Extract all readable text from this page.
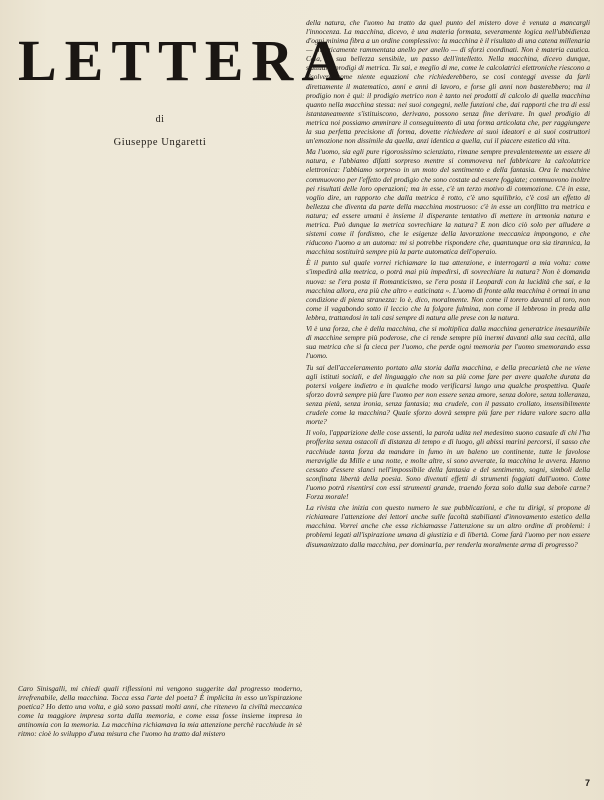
LETTERA
di
Giuseppe Ungaretti
Caro Sinisgalli, mi chiedi quali riflessioni mi vengono suggerite dal progresso moderno, irrefrenabile, della macchina. Tocca essa l'arte del poeta? È implicita in esso un'ispirazione poetica? Ho detto una volta, e già sono passati molti anni, che ritenevo la civiltà meccanica come la maggiore impresa sorta dalla memoria, e come essa fosse insieme impresa in antinomia con la memoria. La macchina richiamava la mia attenzione perchè racchiude in sè ritmo: cioè lo sviluppo d'una misura che l'uomo ha tratto dal mistero

della natura, che l'uomo ha tratto da quel punto del mistero dove è venuta a mancargli l'innocenza. La macchina, dicevo, è una materia formata, severamente logica nell'ubbidienza d'ogni minima fibra a un ordine complessivo: la macchina è il risultato di una catena millenaria — sinteticamente rammentata anello per anello — di sforzi coordinati. Non è materia cautica. Cela, la sua bellezza sensibile, un passo dell'intelletto. Nella macchina, dicevo dunque, s'attuano prodigi di metrica. Tu sai, e meglio di me, come le calcolatrici elettroniche riescono a risolvere come niente equazioni che richiederebbero, se così conteggi avesse da farli direttamente il matematico, anni e anni di lavoro, e forse gli anni non basterebbero; ma il prodigio non è qui: il prodigio metrico non è tanto nei prodotti di calcolo di quella macchina quanto nella macchina stessa: nei suoi congegni, nelle funzioni che, dai rapporti che tra di essi istantaneamente s'istituiscono, derivano, possono senza fine derivare. In quel prodigio di metrica noi possiamo ammirare il conseguimento di una forma articolata che, per raggiungere la sua perfetta precisione di forma, dovette richiedere ai suoi ideatori e ai suoi costruttori un'emozione non dissimile da quella, anzi identica a quella, cui il piacere estetico dà vita.

Ma l'uomo, sia egli pure rigorosissimo scienziato, rimane sempre prevalentemente un essere di natura, e l'abbiamo difatti sorpreso mentre si commoveva nel fabbricare la calcolatrice elettronica: l'abbiamo sorpreso in un moto del sentimento e della fantasia. Ora le macchine commuovono per l'effetto del prodigio che sono costate ad essere foggiate; commuovono inoltre pei risultati delle loro operazioni; ma in esse, c'è un terzo motivo di commozione. C'è in esse, voglio dire, un rapporto che dalla metrica è rotto, c'è uno squilibrio, c'è così un effetto di bellezza che diventa da parte della macchina mostruoso: c'è in esse un conflitto tra metrica e natura; ed essere umani è insieme il disperante tentativo di mettere in armonia natura e metrica. Può dunque la metrica sovrechiare la natura? E non dico ciò solo per alludere a sistemi come il fordismo, che le esigenze della lavorazione meccanica impongono, e che riducono l'uomo a un automa: mi si potrebbe rispondere che, quantunque ora sia tirannica, la macchina sostituirà sempre più la parte automatica dell'operaio.

È il punto sul quale vorrei richiamare la tua attenzione, e interrogarti a mia volta: come s'impedirà alla metrica, o potrà mai più impedirsi, di sovrechiare la natura? Non è domanda nuova: se l'era posta il Romanticismo, se l'era posta il Leopardi con la lucidità che sai, e la macchina allora, era più che altro « eaticinata ». L'uomo di fronte alla macchina è ormai in una condizione di piena stranezza: lo è, dico, moralmente. Non come il torero davanti al toro, non come il vagabondo sotto il leccio che la folgore fulmina, non come il lebbroso in preda alla lebbra, trattandosi in tali casi sempre di natura alle prese con la natura.

Vi è una forza, che è della macchina, che si moltiplica dalla macchina generatrice inesauribile di macchine sempre più poderose, che ci rende sempre più inermi davanti alla sua cecità, alla sua metrica che si fa cieca per l'uomo, che perde ogni memoria per l'uomo smemorando essa l'uomo.

Tu sai dell'acceleramento portato alla storia dalla macchina, e della precarietà che ne viene agli istituti sociali, e del linguaggio che non sa più come fare per avere qualche durata da potersi volgere indietro e in qualche modo verificarsi lungo una qualche prospettiva. Quale sforzo dovrà sempre più fare l'uomo per non essere senza amore, senza dolore, senza tolleranza, senza pietà, senza ironia, senza fantasia; ma crudele, con il passato crollato, insensibilmente crudele come la macchina? Quale sforzo dovrà sempre più fare per ridare valore sacro alla morte?

Il volo, l'apparizione delle cose assenti, la parola udita nel medesimo suono casuale di chi l'ha profferita senza ostacoli di distanza di tempo e di luogo, gli abissi marini percorsi, il sasso che racchiude tanta forza da mandare in fumo in un baleno un continente, tutte le favolose meraviglie da Mille e una notte, e molte altre, si sono avverate, la macchina le avvera. Hanno cessato d'essere slanci nell'impossibile della fantasia e del sentimento, sogni, simboli della sconfinata libertà della poesia. Sono divenuti effetti di strumenti foggiati dall'uomo. Come l'uomo potrà risentirsi con essi strumenti grande, traendo forza solo dalla sua debole carne? Forza morale!

La rivista che inizia con questo numero le sue pubblicazioni, e che tu dirigi, si propone di richiamare l'attenzione dei lettori anche sulle facoltà stabilianti d'innovamento estetico della macchina. Vorrei anche che essa richiamasse l'attenzione su un altro ordine di problemi: i problemi legati all'ispirazione umana di giustizia e di libertà. Come farà l'uomo per non essere disumanizzato dalla macchina, per dominarla, per renderla moralmente arma di progresso?

7
